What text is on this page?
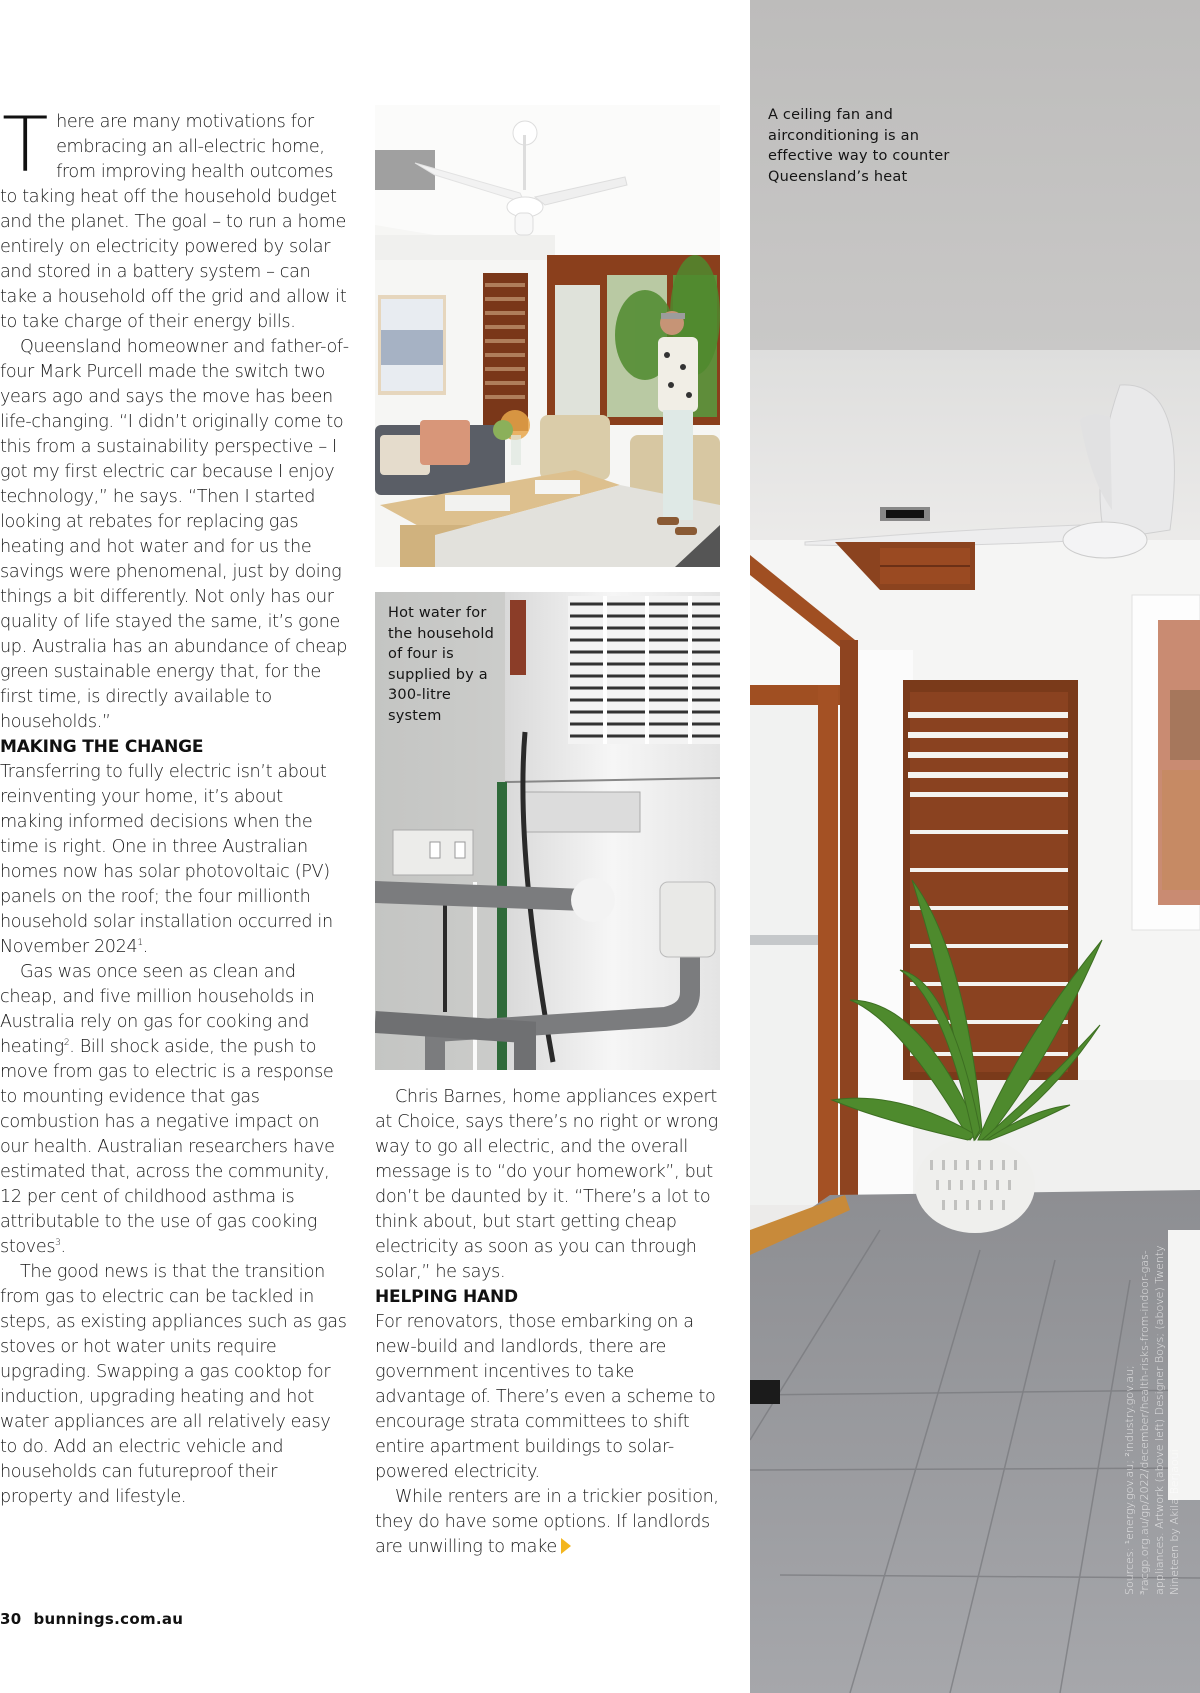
There are many motivations for embracing an all-electric home, from improving health outcomes to taking heat off the household budget and the planet. The goal – to run a home entirely on electricity powered by solar and stored in a battery system – can take a household off the grid and allow it to take charge of their energy bills.

Queensland homeowner and father-of-four Mark Purcell made the switch two years ago and says the move has been life-changing. “I didn’t originally come to this from a sustainability perspective – I got my first electric car because I enjoy technology,” he says. “Then I started looking at rebates for replacing gas heating and hot water and for us the savings were phenomenal, just by doing things a bit differently. Not only has our quality of life stayed the same, it’s gone up. Australia has an abundance of cheap green sustainable energy that, for the first time, is directly available to households.”

MAKING THE CHANGE

Transferring to fully electric isn’t about reinventing your home, it’s about making informed decisions when the time is right. One in three Australian homes now has solar photovoltaic (PV) panels on the roof; the four millionth household solar installation occurred in November 2024$^1$.

Gas was once seen as clean and cheap, and five million households in Australia rely on gas for cooking and heating$^2$. Bill shock aside, the push to move from gas to electric is a response to mounting evidence that gas combustion has a negative impact on our health. Australian researchers have estimated that, across the community, 12 per cent of childhood asthma is attributable to the use of gas cooking stoves$^3$.

The good news is that the transition from gas to electric can be tackled in steps, as existing appliances such as gas stoves or hot water units require upgrading. Swapping a gas cooktop for induction, upgrading heating and hot water appliances are all relatively easy to do. Add an electric vehicle and households can futureproof their property and lifestyle.

Hot water for the household of four is supplied by a 300-litre system

Chris Barnes, home appliances expert at Choice, says there’s no right or wrong way to go all electric, and the overall message is to “do your homework”, but don’t be daunted by it. “There’s a lot to think about, but start getting cheap electricity as soon as you can through solar,” he says.

HELPING HAND

For renovators, those embarking on a new-build and landlords, there are government incentives to take advantage of. There’s even a scheme to encourage strata committees to shift entire apartment buildings to solar-powered electricity.

While renters are in a trickier position, they do have some options. If landlords are unwilling to make

A ceiling fan and airconditioning is an effective way to counter Queensland’s heat
Sources: ¹energy.gov.au; ²industry.gov.au; ³racgp.org.au/gp/2022/december/health-risks-from-indoor-gas-appliances. Artwork (above left) Designer Boys; (above) Twenty Nineteen by Akila Berjaoui
30 bunnings.com.au
